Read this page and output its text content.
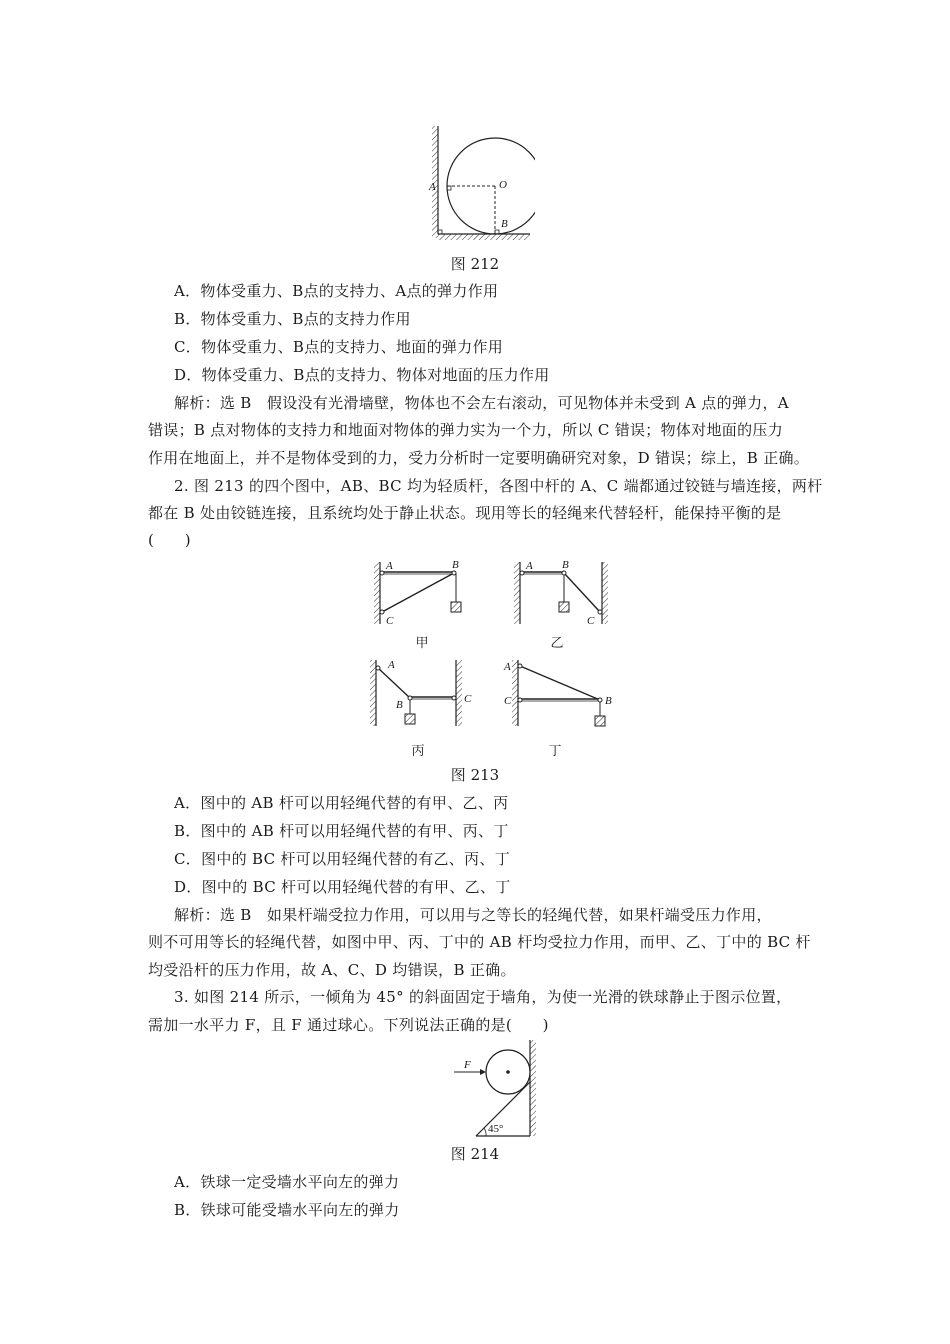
A	O
B
图 212
A．物体受重力、B点的支持力、A点的弹力作用
B．物体受重力、B点的支持力作用
C．物体受重力、B点的支持力、地面的弹力作用
D．物体受重力、B点的支持力、物体对地面的压力作用
解析：选 B　假设没有光滑墙壁，物体也不会左右滚动，可见物体并未受到 A 点的弹力，A
错误；B 点对物体的支持力和地面对物体的弹力实为一个力，所以 C 错误；物体对地面的压力
作用在地面上，并不是物体受到的力，受力分析时一定要明确研究对象，D 错误；综上，B 正确。
2. 图 213 的四个图中，AB、BC 均为轻质杆，各图中杆的 A、C 端都通过铰链与墙连接，两杆
都在 B 处由铰链连接，且系统均处于静止状态。现用等长的轻绳来代替轻杆，能保持平衡的是
(　　)
A	B
C
甲
A	B
C
乙
A
B	C
丙
A
C	B
丁
图 213
A．图中的 AB 杆可以用轻绳代替的有甲、乙、丙
B．图中的 AB 杆可以用轻绳代替的有甲、丙、丁
C．图中的 BC 杆可以用轻绳代替的有乙、丙、丁
D．图中的 BC 杆可以用轻绳代替的有甲、乙、丁
解析：选 B　如果杆端受拉力作用，可以用与之等长的轻绳代替，如果杆端受压力作用，
则不可用等长的轻绳代替，如图中甲、丙、丁中的 AB 杆均受拉力作用，而甲、乙、丁中的 BC 杆
均受沿杆的压力作用，故 A、C、D 均错误，B 正确。
3. 如图 214 所示，一倾角为 45° 的斜面固定于墙角，为使一光滑的铁球静止于图示位置，
需加一水平力 F，且 F 通过球心。下列说法正确的是(　　)
F
45°
图 214
A．铁球一定受墙水平向左的弹力
B．铁球可能受墙水平向左的弹力
